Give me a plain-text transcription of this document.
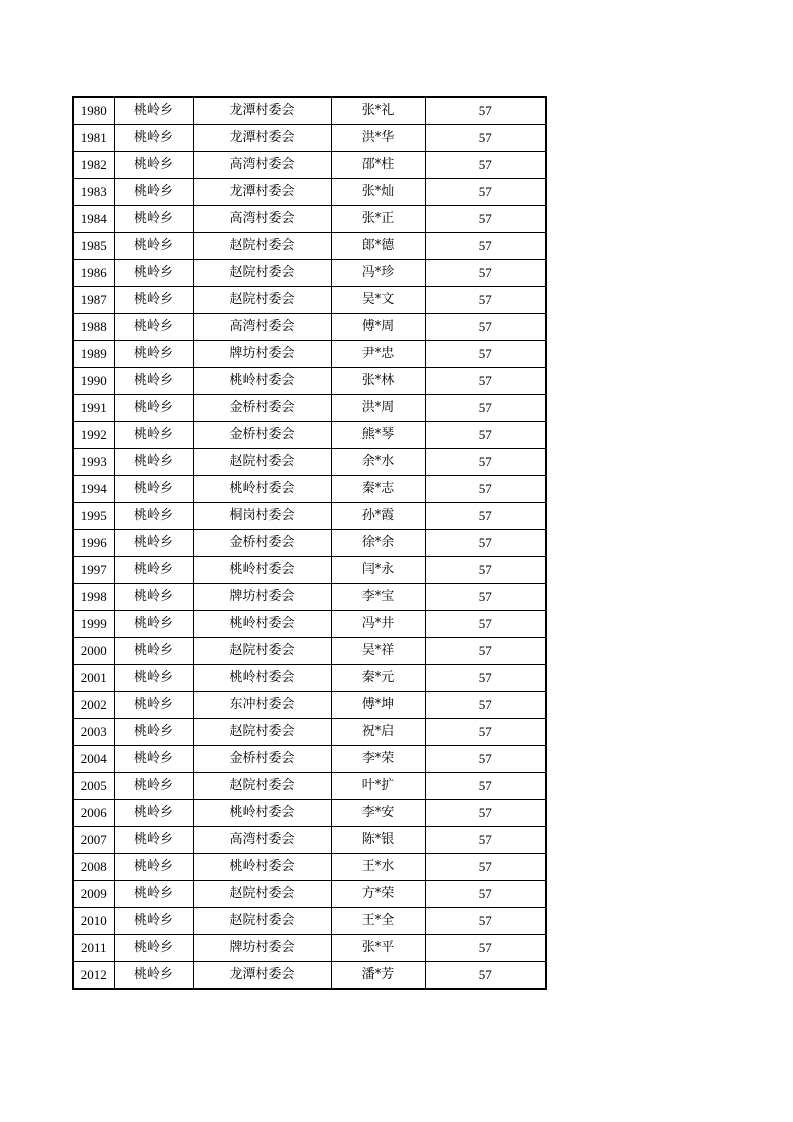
1980	桃岭乡	龙潭村委会	张*礼	57
1981	桃岭乡	龙潭村委会	洪*华	57
1982	桃岭乡	高湾村委会	邵*柱	57
1983	桃岭乡	龙潭村委会	张*灿	57
1984	桃岭乡	高湾村委会	张*正	57
1985	桃岭乡	赵院村委会	郎*德	57
1986	桃岭乡	赵院村委会	冯*珍	57
1987	桃岭乡	赵院村委会	吴*文	57
1988	桃岭乡	高湾村委会	傅*周	57
1989	桃岭乡	牌坊村委会	尹*忠	57
1990	桃岭乡	桃岭村委会	张*林	57
1991	桃岭乡	金桥村委会	洪*周	57
1992	桃岭乡	金桥村委会	熊*琴	57
1993	桃岭乡	赵院村委会	余*水	57
1994	桃岭乡	桃岭村委会	秦*志	57
1995	桃岭乡	桐岗村委会	孙*霞	57
1996	桃岭乡	金桥村委会	徐*余	57
1997	桃岭乡	桃岭村委会	闫*永	57
1998	桃岭乡	牌坊村委会	李*宝	57
1999	桃岭乡	桃岭村委会	冯*井	57
2000	桃岭乡	赵院村委会	吴*祥	57
2001	桃岭乡	桃岭村委会	秦*元	57
2002	桃岭乡	东冲村委会	傅*坤	57
2003	桃岭乡	赵院村委会	祝*启	57
2004	桃岭乡	金桥村委会	李*荣	57
2005	桃岭乡	赵院村委会	叶*扩	57
2006	桃岭乡	桃岭村委会	李*安	57
2007	桃岭乡	高湾村委会	陈*银	57
2008	桃岭乡	桃岭村委会	王*水	57
2009	桃岭乡	赵院村委会	方*荣	57
2010	桃岭乡	赵院村委会	王*全	57
2011	桃岭乡	牌坊村委会	张*平	57
2012	桃岭乡	龙潭村委会	潘*芳	57
